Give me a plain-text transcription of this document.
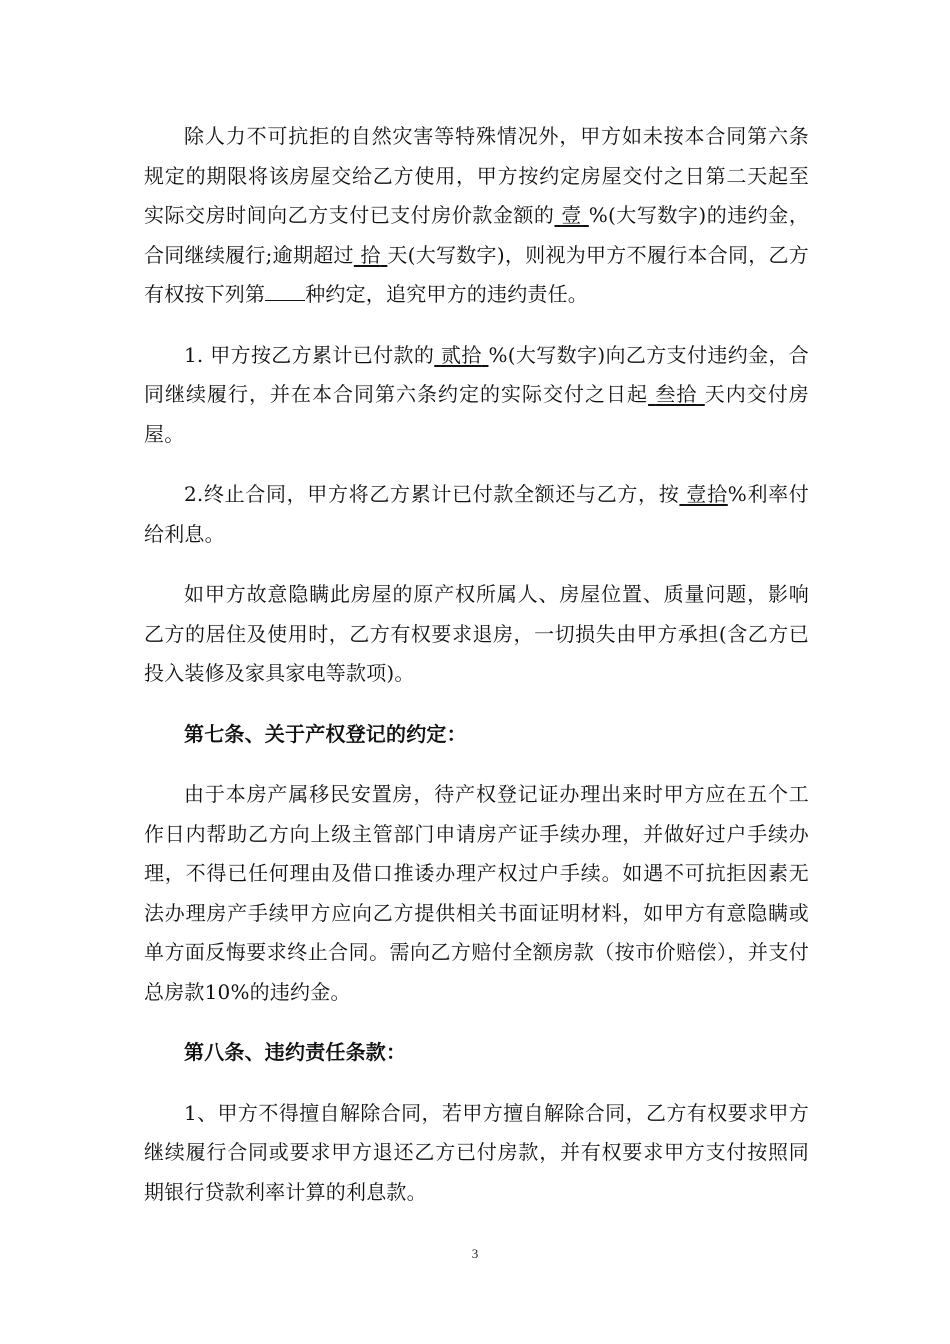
除人力不可抗拒的自然灾害等特殊情况外，甲方如未按本合同第六条规定的期限将该房屋交给乙方使用，甲方按约定房屋交付之日第二天起至实际交房时间向乙方支付已支付房价款金额的 壹 %(大写数字)的违约金，合同继续履行;逾期超过 拾 天(大写数字)，则视为甲方不履行本合同，乙方有权按下列第 种约定，追究甲方的违约责任。

1. 甲方按乙方累计已付款的 贰拾 %(大写数字)向乙方支付违约金，合同继续履行，并在本合同第六条约定的实际交付之日起 叁拾 天内交付房屋。

2.终止合同，甲方将乙方累计已付款全额还与乙方，按 壹拾%利率付给利息。

如甲方故意隐瞒此房屋的原产权所属人、房屋位置、质量问题，影响乙方的居住及使用时，乙方有权要求退房，一切损失由甲方承担(含乙方已投入装修及家具家电等款项)。

第七条、关于产权登记的约定：

由于本房产属移民安置房，待产权登记证办理出来时甲方应在五个工作日内帮助乙方向上级主管部门申请房产证手续办理，并做好过户手续办理，不得已任何理由及借口推诿办理产权过户手续。如遇不可抗拒因素无法办理房产手续甲方应向乙方提供相关书面证明材料，如甲方有意隐瞒或单方面反悔要求终止合同。需向乙方赔付全额房款（按市价赔偿），并支付总房款10%的违约金。

第八条、违约责任条款：

1、甲方不得擅自解除合同，若甲方擅自解除合同，乙方有权要求甲方继续履行合同或要求甲方退还乙方已付房款，并有权要求甲方支付按照同期银行贷款利率计算的利息款。

3
